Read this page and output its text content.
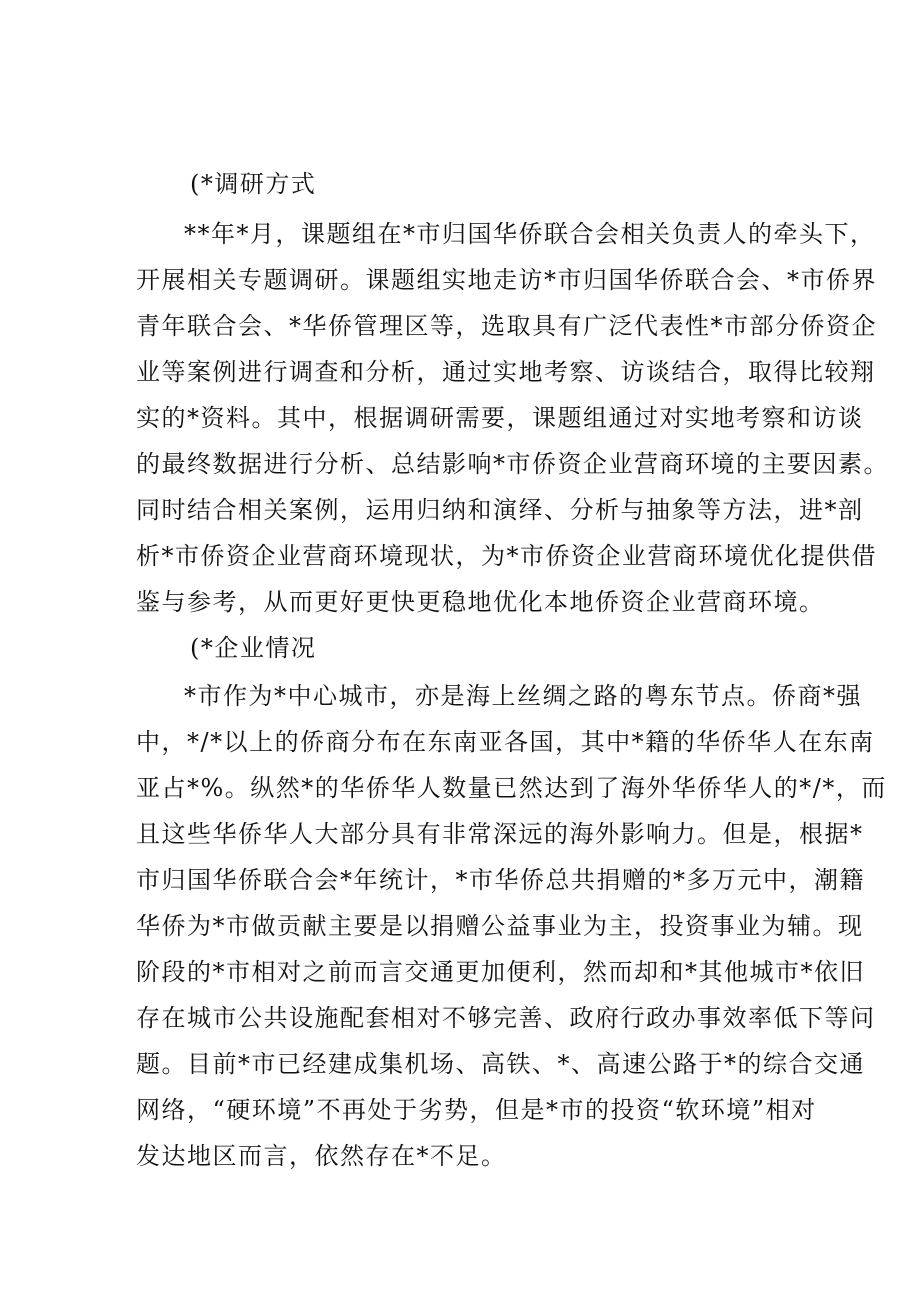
(*调研方式
**年*月，课题组在*市归国华侨联合会相关负责人的牵头下，
开展相关专题调研。课题组实地走访*市归国华侨联合会、*市侨界
青年联合会、*华侨管理区等，选取具有广泛代表性*市部分侨资企
业等案例进行调查和分析，通过实地考察、访谈结合，取得比较翔
实的*资料。其中，根据调研需要，课题组通过对实地考察和访谈
的最终数据进行分析、总结影响*市侨资企业营商环境的主要因素。
同时结合相关案例，运用归纳和演绎、分析与抽象等方法，进*剖
析*市侨资企业营商环境现状，为*市侨资企业营商环境优化提供借
鉴与参考，从而更好更快更稳地优化本地侨资企业营商环境。
(*企业情况
*市作为*中心城市，亦是海上丝绸之路的粤东节点。侨商*强
中，*/*以上的侨商分布在东南亚各国，其中*籍的华侨华人在东南
亚占*%。纵然*的华侨华人数量已然达到了海外华侨华人的*/*，而
且这些华侨华人大部分具有非常深远的海外影响力。但是，根据*
市归国华侨联合会*年统计，*市华侨总共捐赠的*多万元中，潮籍
华侨为*市做贡献主要是以捐赠公益事业为主，投资事业为辅。现
阶段的*市相对之前而言交通更加便利，然而却和*其他城市*依旧
存在城市公共设施配套相对不够完善、政府行政办事效率低下等问
题。目前*市已经建成集机场、高铁、*、高速公路于*的综合交通
网络，“硬环境”不再处于劣势，但是*市的投资“软环境”相对
发达地区而言，依然存在*不足。
